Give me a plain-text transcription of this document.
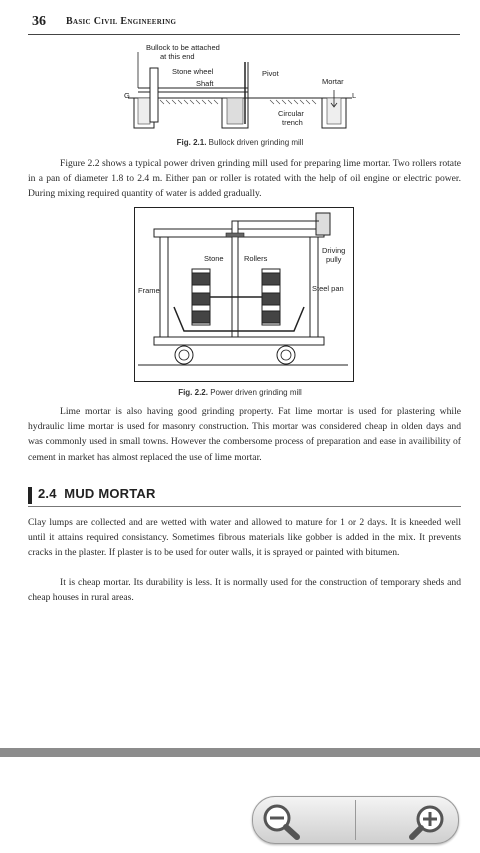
36 Basic Civil Engineering
Bullock to be attached
at this end
Stone wheel
Shaft
Pivot
Mortar
Circular
trench
G	L
Fig. 2.1. Bullock driven grinding mill
Figure 2.2 shows a typical power driven grinding mill used for preparing lime mortar. Two rollers rotate in a pan of diameter 1.8 to 2.4 m. Either pan or roller is rotated with the help of oil engine or electric power. During mixing required quantity of water is added gradually.
Stone	Rollers
Driving
pully
Frame	Steel pan
Fig. 2.2. Power driven grinding mill
Lime mortar is also having good grinding property. Fat lime mortar is used for plastering while hydraulic lime mortar is used for masonry construction. This mortar was considered cheap in olden days and was commonly used in small towns. However the combersome process of preparation and ease in availibility of cement in market has almost replaced the use of lime mortar.
2.4 MUD MORTAR
Clay lumps are collected and are wetted with water and allowed to mature for 1 or 2 days. It is kneeded well until it attains required consistancy. Sometimes fibrous materials like gobber is added in the mix. It prevents cracks in the plaster. If plaster is to be used for outer walls, it is sprayed or painted with bitumen.
It is cheap mortar. Its durability is less. It is normally used for the construction of temporary sheds and cheap houses in rural areas.
